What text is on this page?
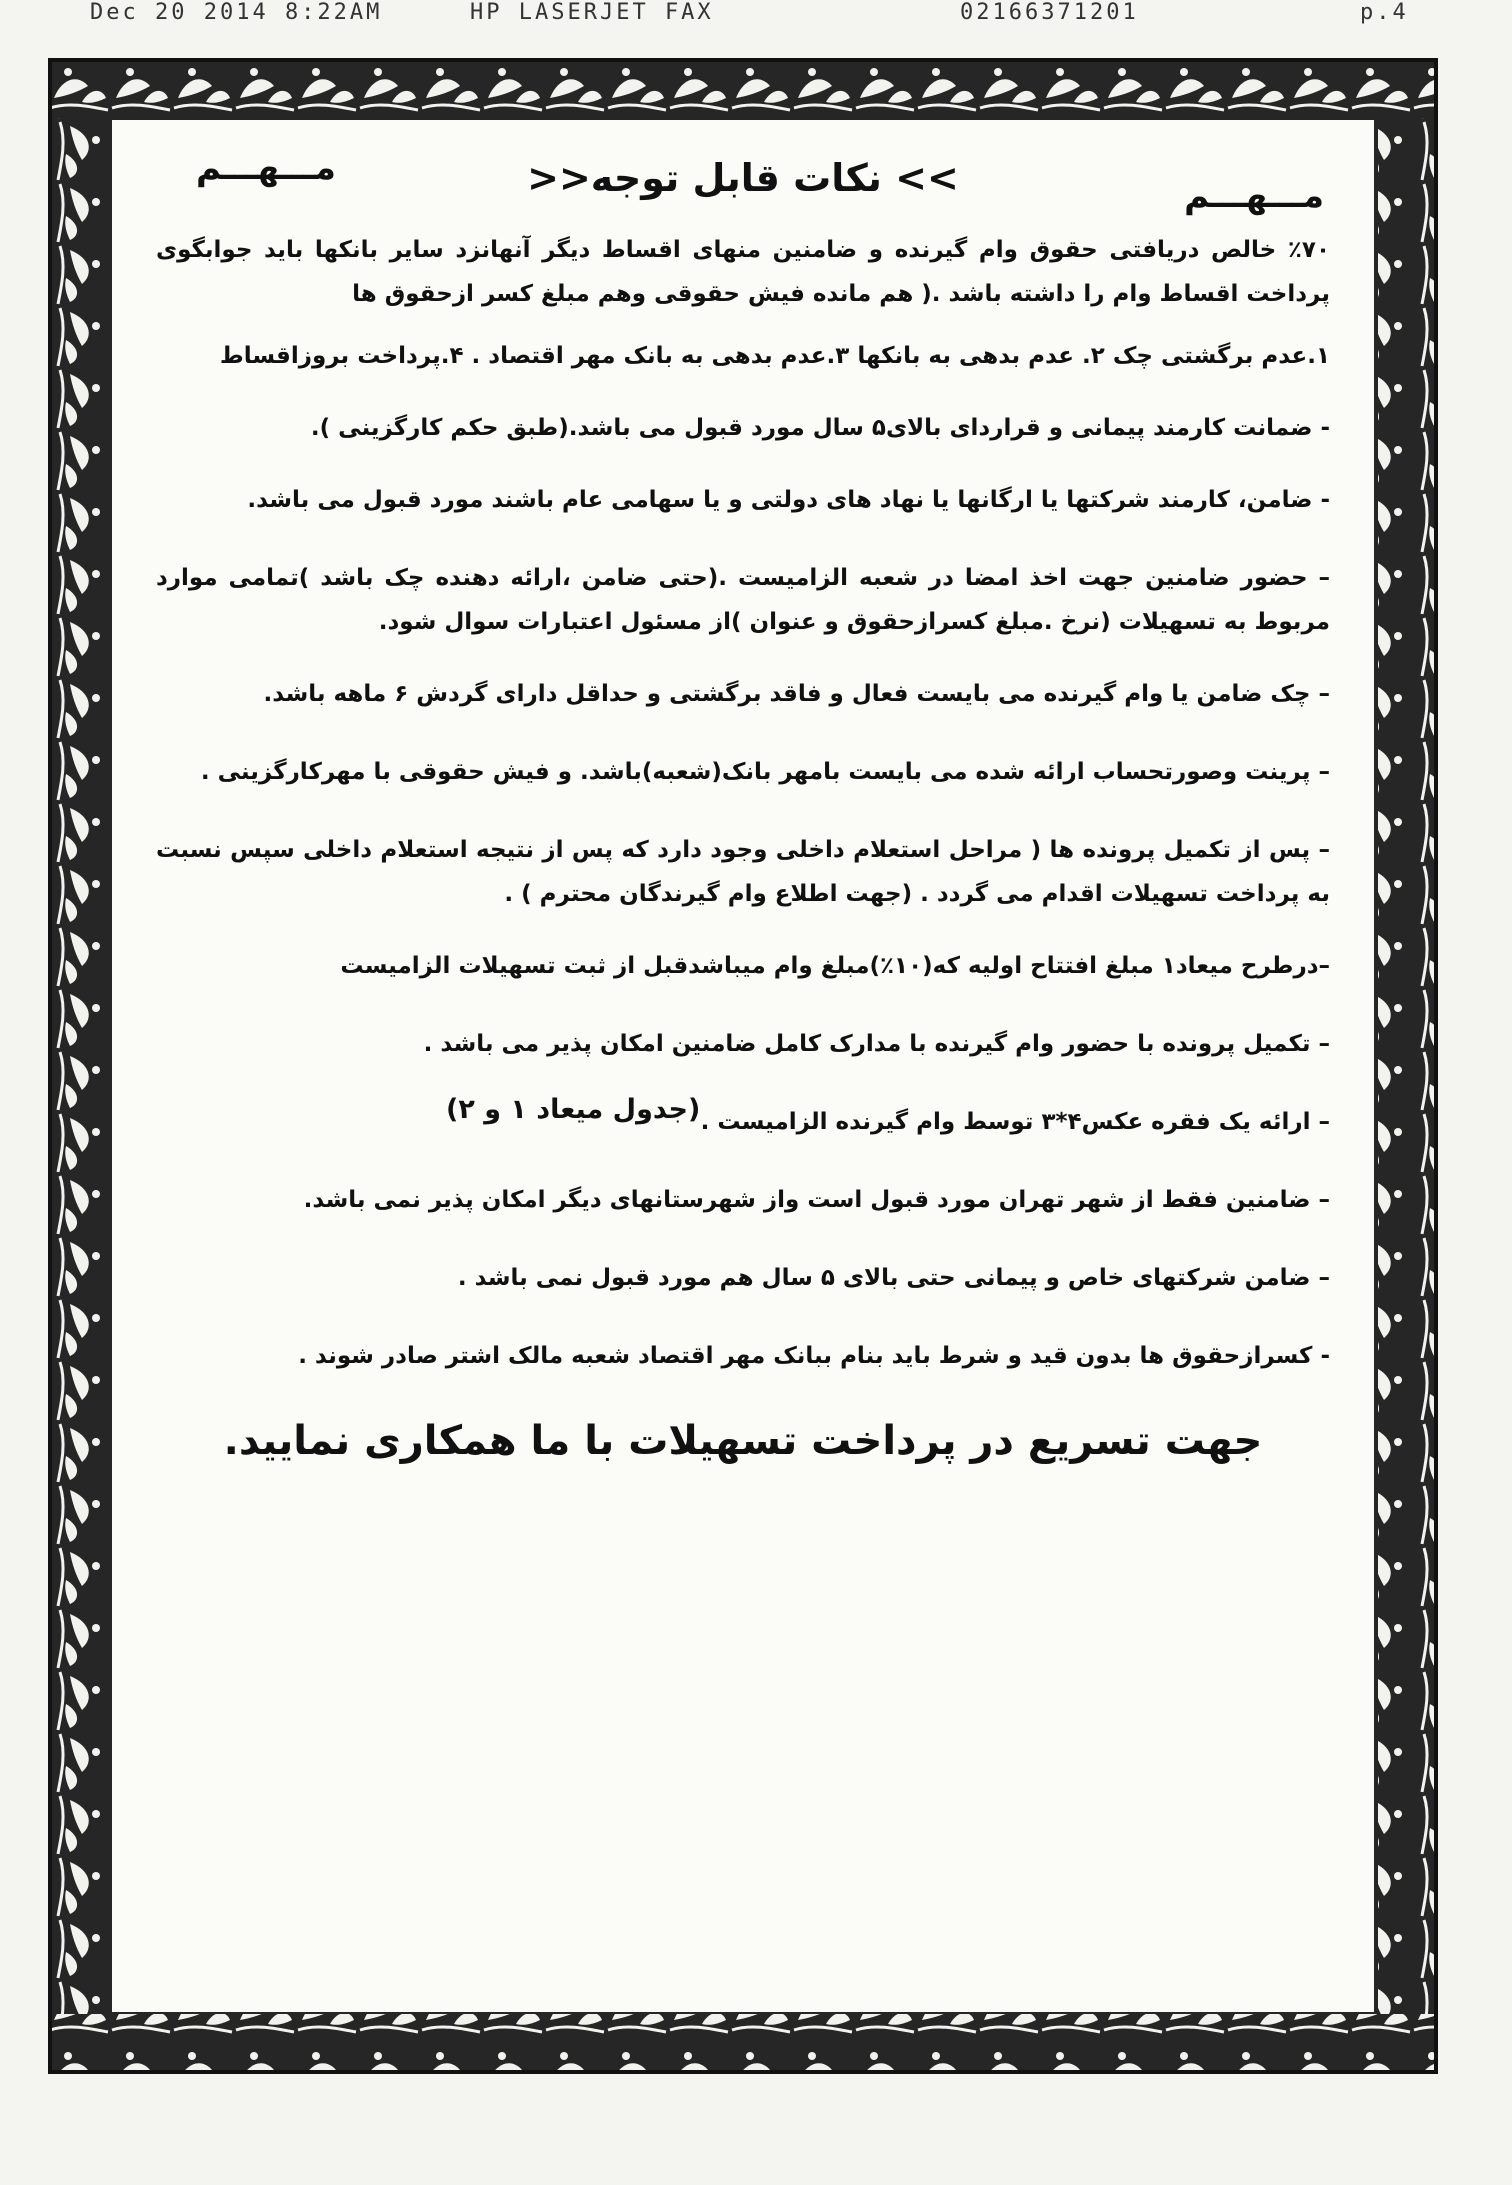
Dec 20 2014 8:22AM	HP LASERJET FAX	02166371201	p.4
مـــهـــم
>> نکات قابل توجه<<
مـــهـــم

٪۷۰ خالص دریافتی حقوق وام گیرنده و ضامنین منهای اقساط دیگر آنهانزد سایر بانکها باید جوابگوی پرداخت اقساط وام را داشته باشد .( هم مانده فیش حقوقی وهم مبلغ کسر ازحقوق ها

۱.عدم برگشتی چک ۲. عدم بدهی به بانکها ۳.عدم بدهی به بانک مهر اقتصاد . ۴.پرداخت بروزاقساط

- ضمانت کارمند پیمانی و قراردای بالای۵ سال مورد قبول می باشد.(طبق حکم کارگزینی ).

- ضامن، کارمند شرکتها یا ارگانها یا نهاد های دولتی و یا سهامی عام باشند مورد قبول می باشد.

– حضور ضامنین جهت اخذ امضا در شعبه الزامیست .(حتی ضامن ،ارائه دهنده چک باشد )تمامی موارد مربوط به تسهیلات (نرخ .مبلغ کسرازحقوق و عنوان )از مسئول اعتبارات سوال شود.

– چک ضامن یا وام گیرنده می بایست فعال و فاقد برگشتی و حداقل دارای گردش ۶ ماهه باشد.

– پرینت وصورتحساب ارائه شده می بایست بامهر بانک(شعبه)باشد. و فیش حقوقی با مهرکارگزینی .

– پس از تکمیل پرونده ها ( مراحل استعلام داخلی وجود دارد که پس از نتیجه استعلام داخلی سپس نسبت به پرداخت تسهیلات اقدام می گردد . (جهت اطلاع وام گیرندگان محترم ) .

–درطرح میعاد۱ مبلغ افتتاح اولیه که(۱۰٪)مبلغ وام میباشدقبل از ثبت تسهیلات الزامیست

– تکمیل پرونده با حضور وام گیرنده با مدارک کامل ضامنین امکان پذیر می باشد .

– ارائه یک فقره عکس۴*۳ توسط وام گیرنده الزامیست .

(جدول میعاد ۱ و ۲)

– ضامنین فقط از شهر تهران مورد قبول است واز شهرستانهای دیگر امکان پذیر نمی باشد.

– ضامن شرکتهای خاص و پیمانی حتی بالای ۵ سال هم مورد قبول نمی باشد .

- کسرازحقوق ها بدون قید و شرط باید بنام ببانک مهر اقتصاد شعبه مالک اشتر صادر شوند .

جهت تسریع در پرداخت تسهیلات با ما همکاری نمایید.
